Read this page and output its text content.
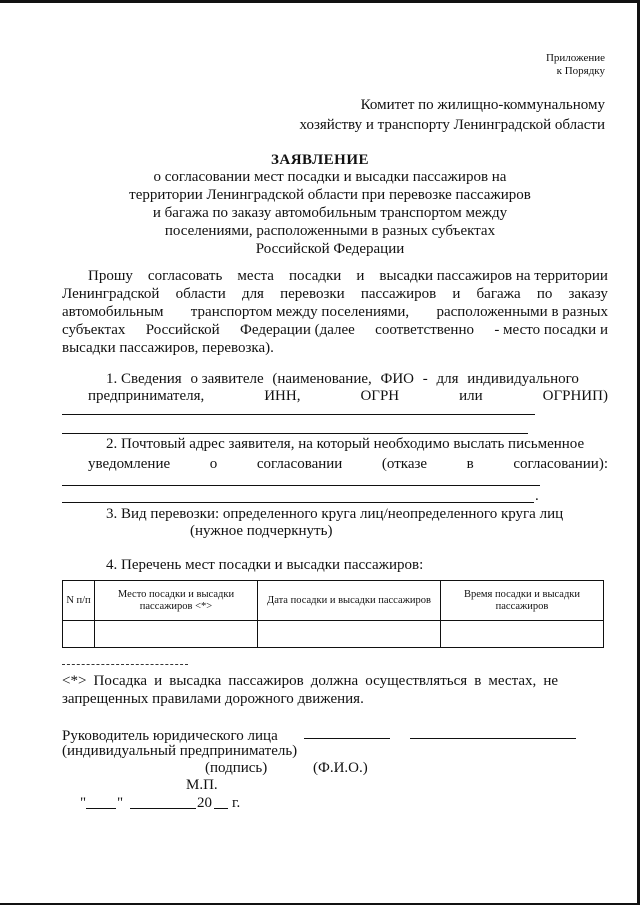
Приложение
к Порядку
Комитет по жилищно-коммунальному
хозяйству и транспорту Ленинградской области
ЗАЯВЛЕНИЕ
о согласовании мест посадки и высадки пассажиров на
территории Ленинградской области при перевозке пассажиров
и багажа по заказу автомобильным транспортом между
поселениями, расположенными в разных субъектах
Российской Федерации
Прошу согласовать места посадки и высадки пассажиров на территории
Ленинградской области для перевозки пассажиров и багажа по заказу
автомобильным транспортом между поселениями, расположенными в разных
субъектах Российской Федерации (далее соответственно - место посадки и
высадки пассажиров, перевозка).
1. Сведения о заявителе (наименование, ФИО - для индивидуального
предпринимателя,	ИНН,	ОГРН	или	ОГРНИП)
2. Почтовый адрес заявителя, на который необходимо выслать письменное
уведомление	о	согласовании	(отказе	в	согласовании):
.
3. Вид перевозки: определенного круга лиц/неопределенного круга лиц
(нужное подчеркнуть)
4. Перечень мест посадки и высадки пассажиров:
N п/п	Место посадки и высадки пассажиров <*>	Дата посадки и высадки пассажиров	Время посадки и высадки пассажиров

<*> Посадка и высадка пассажиров должна осуществляться в местах, не
запрещенных правилами дорожного движения.
Руководитель юридического лица
(индивидуальный предприниматель)
(подпись)	(Ф.И.О.)
М.П.
" "	20 г.
